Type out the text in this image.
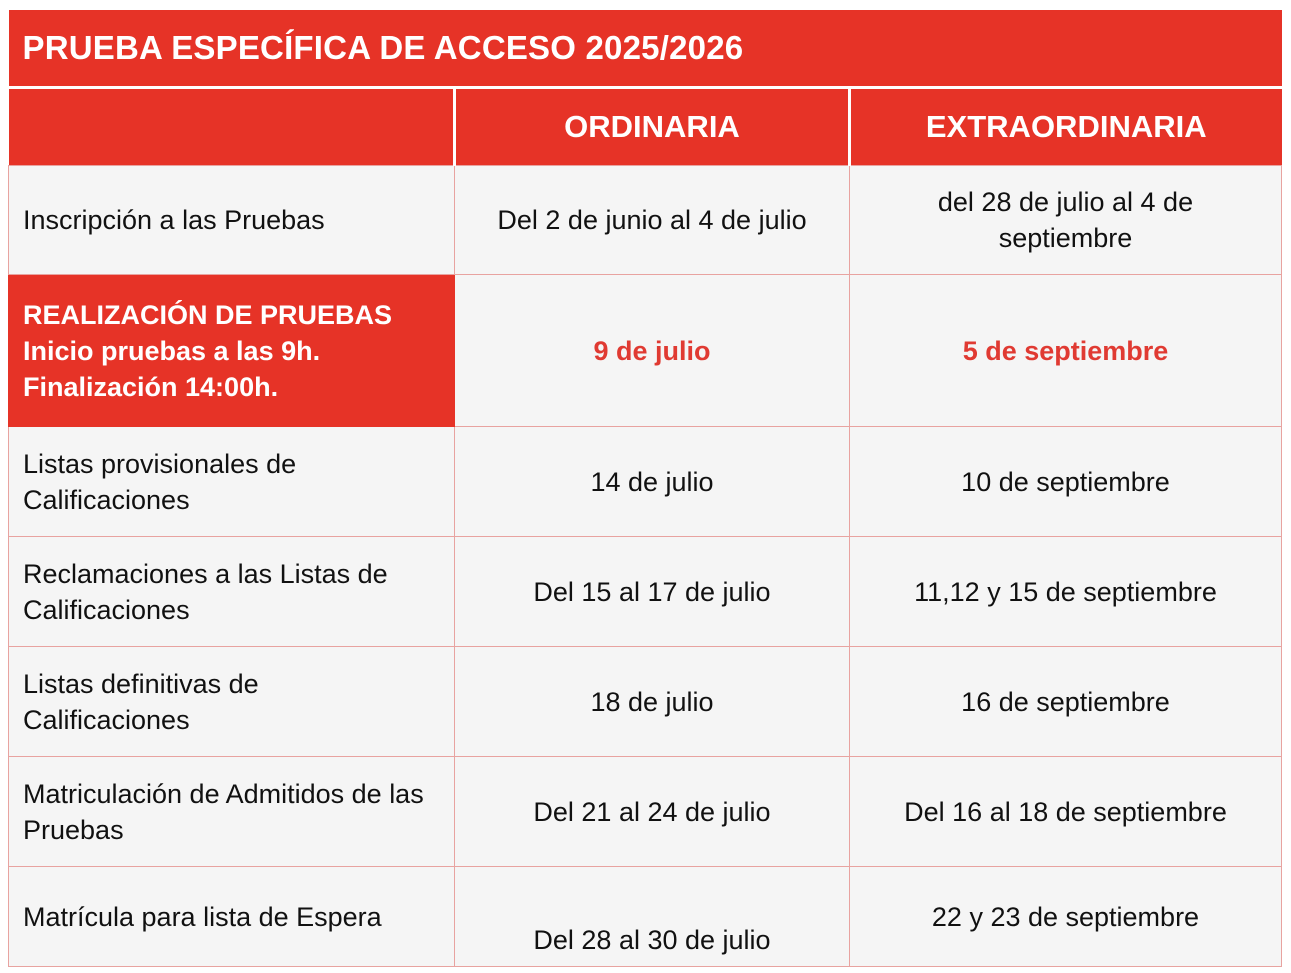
PRUEBA ESPECÍFICA DE ACCESO 2025/2026		
	ORDINARIA	EXTRAORDINARIA
Inscripción a las Pruebas	Del 2 de junio al 4 de julio	del 28 de julio al 4 de septiembre

REALIZACIÓN DE PRUEBAS
Inicio pruebas a las 9h.
Finalización 14:00h.	9 de julio	5 de septiembre
Listas provisionales de Calificaciones	14 de julio	10 de septiembre
Reclamaciones a las Listas de Calificaciones	Del 15 al 17 de julio	11,12 y 15 de septiembre
Listas definitivas de Calificaciones	18 de julio	16 de septiembre
Matriculación de Admitidos de las Pruebas	Del 21 al 24 de julio	Del 16 al 18 de septiembre
Matrícula para lista de Espera	Del 28 al 30 de julio	22 y 23 de septiembre
